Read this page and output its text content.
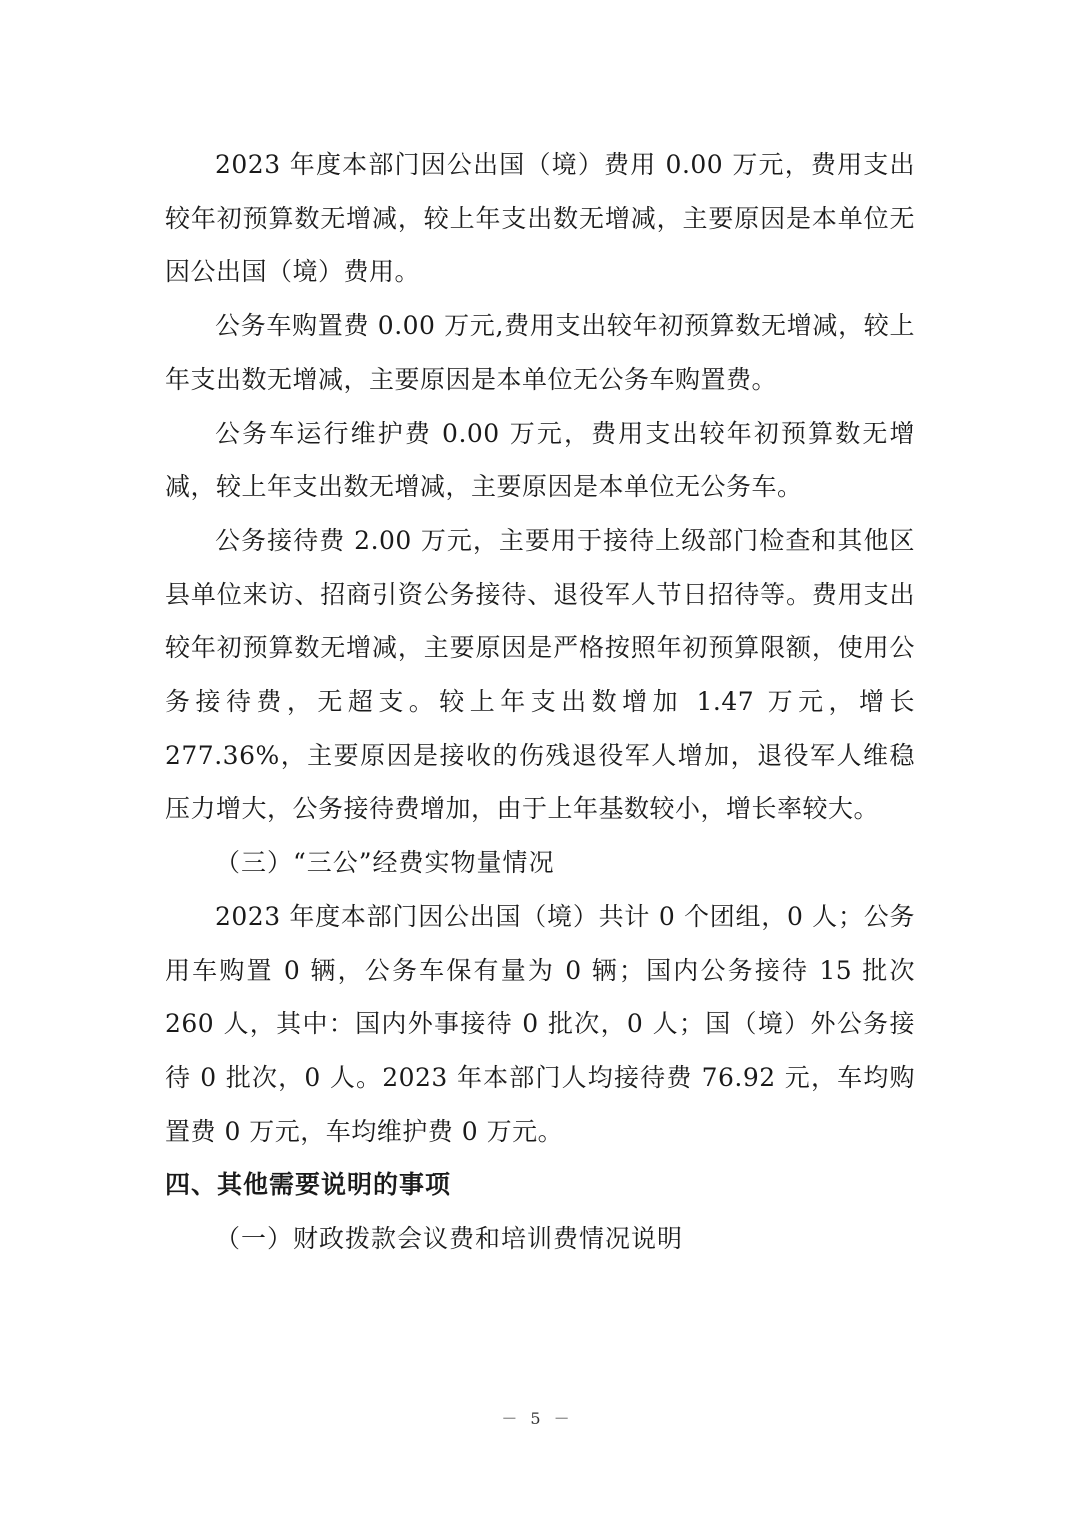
2023 年度本部门因公出国（境）费用 0.00 万元，费用支出较年初预算数无增减，较上年支出数无增减，主要原因是本单位无因公出国（境）费用。

公务车购置费 0.00 万元,费用支出较年初预算数无增减，较上年支出数无增减，主要原因是本单位无公务车购置费。

公务车运行维护费 0.00 万元，费用支出较年初预算数无增减，较上年支出数无增减，主要原因是本单位无公务车。

公务接待费 2.00 万元，主要用于接待上级部门检查和其他区县单位来访、招商引资公务接待、退役军人节日招待等。费用支出较年初预算数无增减，主要原因是严格按照年初预算限额，使用公务接待费，无超支。较上年支出数增加 1.47 万元，增长 277.36%，主要原因是接收的伤残退役军人增加，退役军人维稳压力增大，公务接待费增加，由于上年基数较小，增长率较大。

（三）“三公”经费实物量情况

2023 年度本部门因公出国（境）共计 0 个团组，0 人；公务用车购置 0 辆，公务车保有量为 0 辆；国内公务接待 15 批次 260 人，其中：国内外事接待 0 批次，0 人；国（境）外公务接待 0 批次，0 人。2023 年本部门人均接待费 76.92 元，车均购置费 0 万元，车均维护费 0 万元。

四、其他需要说明的事项

（一）财政拨款会议费和培训费情况说明

－ 5 －
